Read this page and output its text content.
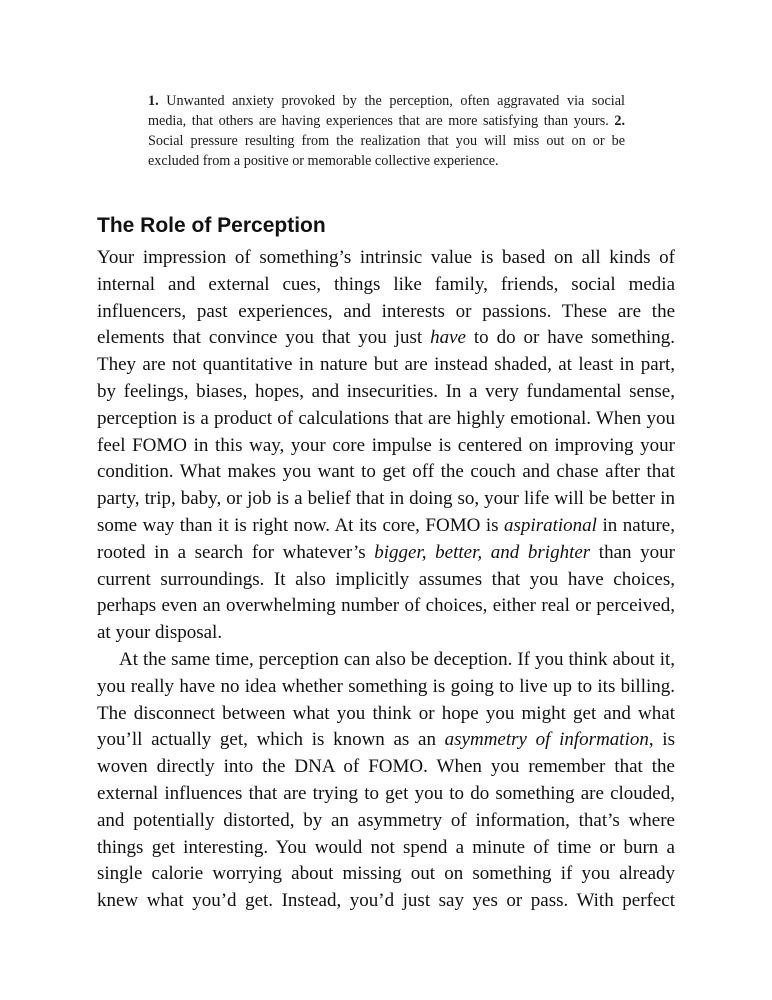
1. Unwanted anxiety provoked by the perception, often aggravated via social media, that others are having experiences that are more satisfying than yours. 2. Social pressure resulting from the realization that you will miss out on or be excluded from a positive or memorable collective experience.
The Role of Perception

Your impression of something’s intrinsic value is based on all kinds of internal and external cues, things like family, friends, social media influencers, past experiences, and interests or passions. These are the elements that convince you that you just have to do or have something. They are not quantitative in nature but are instead shaded, at least in part, by feelings, biases, hopes, and insecurities. In a very fundamental sense, perception is a product of calculations that are highly emotional. When you feel FOMO in this way, your core impulse is centered on improving your condition. What makes you want to get off the couch and chase after that party, trip, baby, or job is a belief that in doing so, your life will be better in some way than it is right now. At its core, FOMO is aspirational in nature, rooted in a search for whatever’s bigger, better, and brighter than your current surroundings. It also implicitly assumes that you have choices, perhaps even an overwhelming number of choices, either real or perceived, at your disposal.

At the same time, perception can also be deception. If you think about it, you really have no idea whether something is going to live up to its billing. The disconnect between what you think or hope you might get and what you’ll actually get, which is known as an asymmetry of information, is woven directly into the DNA of FOMO. When you remember that the external influences that are trying to get you to do something are clouded, and potentially distorted, by an asymmetry of information, that’s where things get interesting. You would not spend a minute of time or burn a single calorie worrying about missing out on something if you already knew what you’d get. Instead, you’d just say yes or pass. With perfect
